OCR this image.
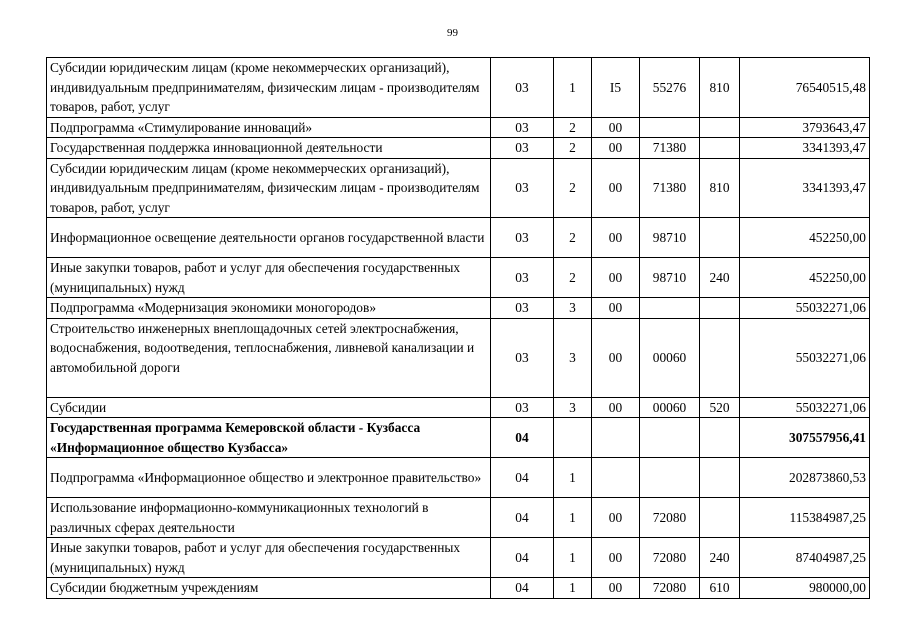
99
Субсидии юридическим лицам (кроме некоммерческих организаций), индивидуальным предпринимателям, физическим лицам - производителям товаров, работ, услуг	03	1	I5	55276	810	76540515,48
Подпрограмма «Стимулирование инноваций»	03	2	00			3793643,47
Государственная поддержка инновационной деятельности	03	2	00	71380		3341393,47
Субсидии юридическим лицам (кроме некоммерческих организаций), индивидуальным предпринимателям, физическим лицам - производителям товаров, работ, услуг	03	2	00	71380	810	3341393,47
Информационное освещение деятельности органов государственной власти	03	2	00	98710		452250,00
Иные закупки товаров, работ и услуг для обеспечения государственных (муниципальных) нужд	03	2	00	98710	240	452250,00
Подпрограмма «Модернизация экономики моногородов»	03	3	00			55032271,06
Строительство инженерных внеплощадочных сетей электроснабжения, водоснабжения, водоотведения, теплоснабжения, ливневой канализации и автомобильной дороги	03	3	00	00060		55032271,06
Субсидии	03	3	00	00060	520	55032271,06
Государственная программа Кемеровской области - Кузбасса «Информационное общество Кузбасса»	04					307557956,41
Подпрограмма «Информационное общество и электронное правительство»	04	1				202873860,53
Использование информационно-коммуникационных технологий в различных сферах деятельности	04	1	00	72080		115384987,25
Иные закупки товаров, работ и услуг для обеспечения государственных (муниципальных) нужд	04	1	00	72080	240	87404987,25
Субсидии бюджетным учреждениям	04	1	00	72080	610	980000,00
